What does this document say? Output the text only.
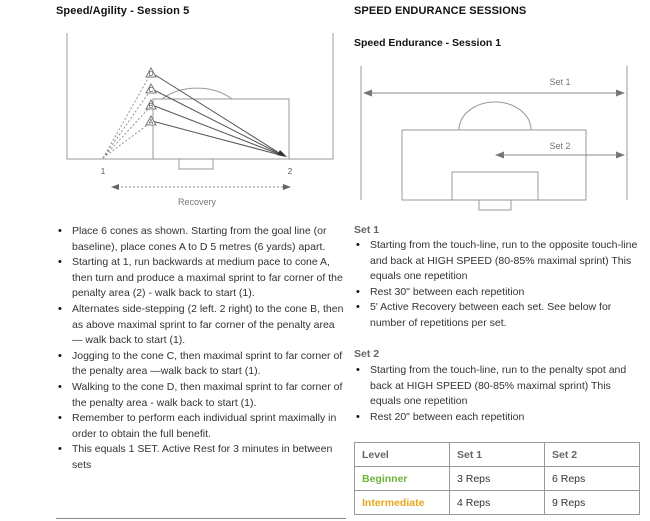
Speed/Agility - Session 5
D
C
B
A
1	2
Recovery
• Place 6 cones as shown. Starting from the goal line (or baseline), place cones A to D 5 metres (6 yards) apart.
• Starting at 1, run backwards at medium pace to cone A, then turn and produce a maximal sprint to far corner of the penalty area (2) - walk back to start (1).
• Alternates side-stepping (2 left. 2 right) to the cone B, then as above maximal sprint to far corner of the penalty area — walk back to start (1).
• Jogging to the cone C, then maximal sprint to far corner of the penalty area —walk back to start (1).
• Walking to the cone D, then maximal sprint to far corner of the penalty area - walk back to start (1).
• Remember to perform each individual sprint maximally in order to obtain the full benefit.
• This equals 1 SET. Active Rest for 3 minutes in between sets
SPEED ENDURANCE SESSIONS
Speed Endurance - Session 1
Set 1
Set 2
Set 1
• Starting from the touch-line, run to the opposite touch-line and back at HIGH SPEED (80-85% maximal sprint) This equals one repetition
• Rest 30" between each repetition
• 5' Active Recovery between each set. See below for number of repetitions per set.
Set 2
• Starting from the touch-line, run to the penalty spot and back at HIGH SPEED (80-85% maximal sprint) This equals one repetition
• Rest 20" between each repetition
Level	Set 1	Set 2
Beginner	3 Reps	6 Reps
Intermediate	4 Reps	9 Reps
